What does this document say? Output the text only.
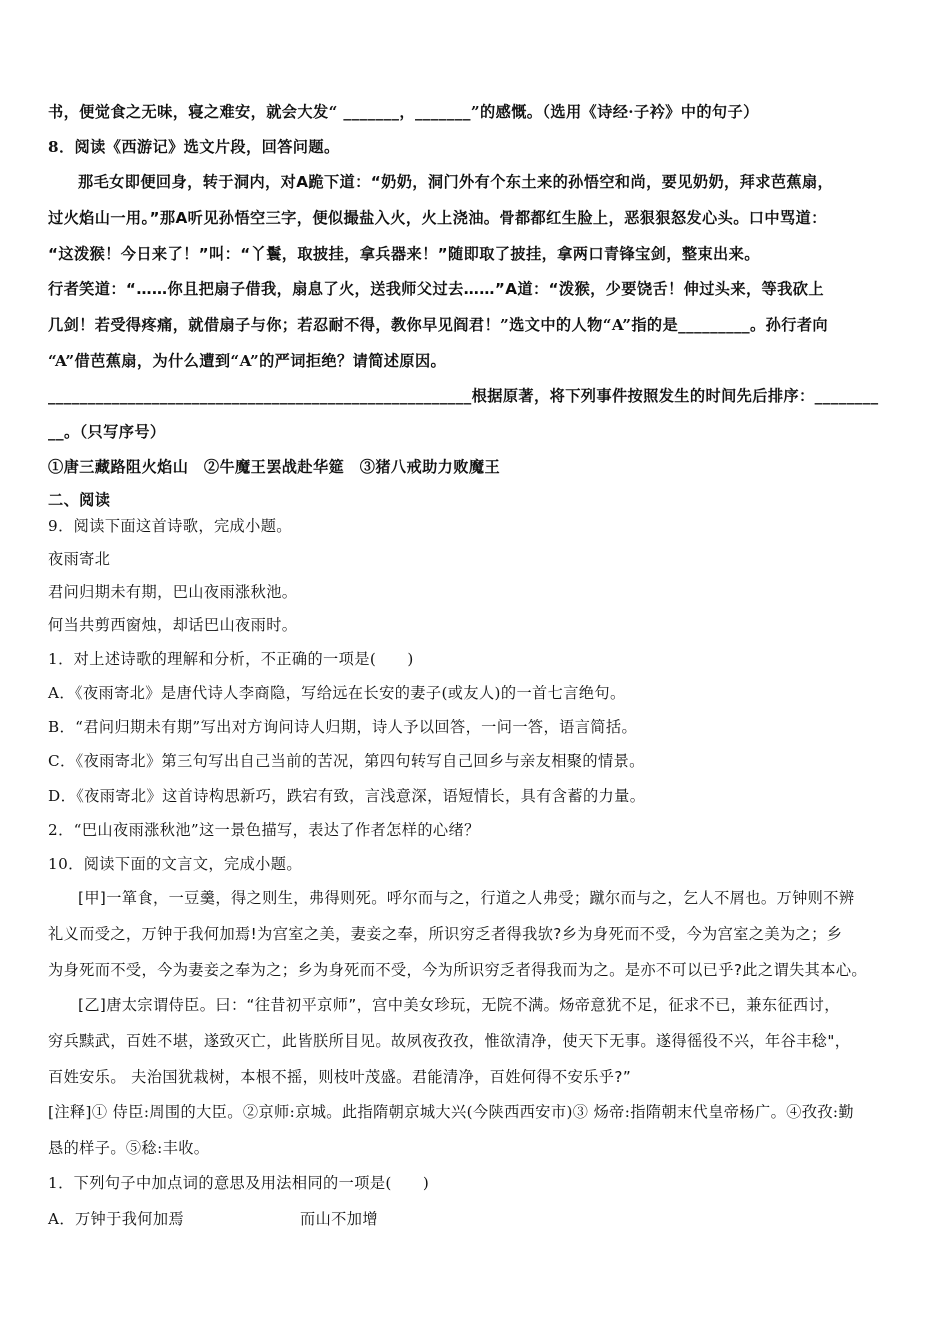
书，便觉食之无味，寝之难安，就会大发“ _______，_______”的感慨。（选用《诗经·子衿》中的句子）
8．阅读《西游记》选文片段，回答问题。
那毛女即便回身，转于洞内，对A跪下道：“奶奶，洞门外有个东土来的孙悟空和尚，要见奶奶，拜求芭蕉扇，
过火焰山一用。”那A听见孙悟空三字，便似撮盐入火，火上浇油。骨都都红生脸上，恶狠狠怒发心头。口中骂道：
“这泼猴！今日来了！”叫：“丫鬟，取披挂，拿兵器来！”随即取了披挂，拿两口青锋宝剑，整束出来。
行者笑道：“……你且把扇子借我，扇息了火，送我师父过去……”A道：“泼猴，少要饶舌！伸过头来，等我砍上
几剑！若受得疼痛，就借扇子与你；若忍耐不得，教你早见阎君！”选文中的人物“A”指的是_________。孙行者向
“A”借芭蕉扇，为什么遭到“A”的严词拒绝？请简述原因。
_____________________________________________________根据原著，将下列事件按照发生的时间先后排序：________
__。（只写序号）
①唐三藏路阻火焰山　②牛魔王罢战赴华筵　③猪八戒助力败魔王
二、阅读
9．阅读下面这首诗歌，完成小题。
夜雨寄北
君问归期未有期，巴山夜雨涨秋池。
何当共剪西窗烛，却话巴山夜雨时。
1．对上述诗歌的理解和分析，不正确的一项是(　　)
A．《夜雨寄北》是唐代诗人李商隐，写给远在长安的妻子(或友人)的一首七言绝句。
B．“君问归期未有期”写出对方询问诗人归期，诗人予以回答，一问一答，语言简括。
C．《夜雨寄北》第三句写出自己当前的苦况，第四句转写自己回乡与亲友相聚的情景。
D．《夜雨寄北》这首诗构思新巧，跌宕有致，言浅意深，语短情长，具有含蓄的力量。
2．“巴山夜雨涨秋池”这一景色描写，表达了作者怎样的心绪？
10．阅读下面的文言文，完成小题。
[甲]一箪食，一豆羹，得之则生，弗得则死。呼尔而与之，行道之人弗受；蹴尔而与之，乞人不屑也。万钟则不辨
礼义而受之，万钟于我何加焉!为宫室之美，妻妾之奉，所识穷乏者得我欤?乡为身死而不受，今为宫室之美为之；乡
为身死而不受，今为妻妾之奉为之；乡为身死而不受，今为所识穷乏者得我而为之。是亦不可以已乎?此之谓失其本心。
[乙]唐太宗谓侍臣。曰：“往昔初平京师”，宫中美女珍玩，无院不满。炀帝意犹不足，征求不已，兼东征西讨，
穷兵黩武，百姓不堪，遂致灭亡，此皆朕所目见。故夙夜孜孜，惟欲清净，使天下无事。遂得徭役不兴，年谷丰稔"，
百姓安乐。 夫治国犹栽树，本根不摇，则枝叶茂盛。君能清净，百姓何得不安乐乎?”
[注释]① 侍臣:周围的大臣。②京师:京城。此指隋朝京城大兴(今陕西西安市)③ 炀帝:指隋朝末代皇帝杨广。④孜孜:勤
恳的样子。⑤稔:丰收。
1．下列句子中加点词的意思及用法相同的一项是(　　)
A．万钟于我何加焉	而山不加增
